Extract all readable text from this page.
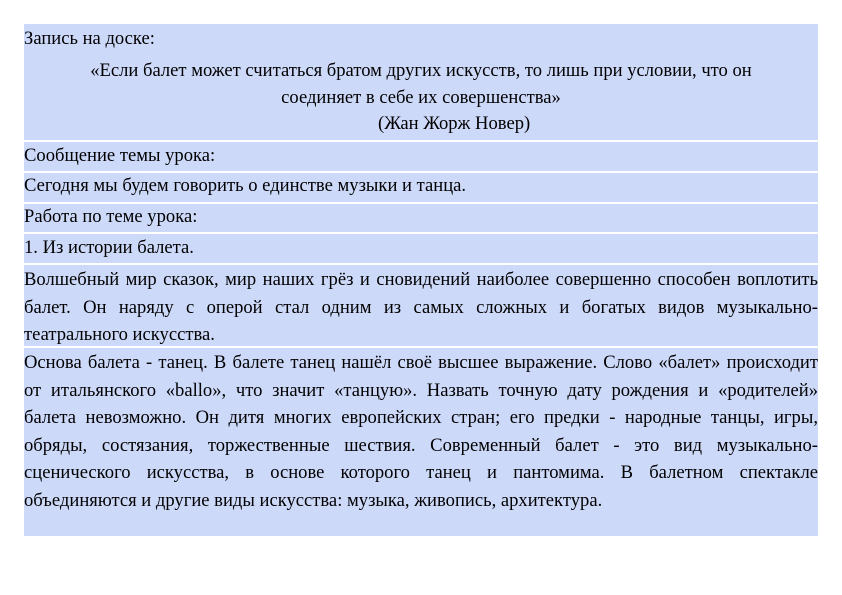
Запись на доске:
«Если балет может считаться братом других искусств, то лишь при условии, что он
соединяет в себе их совершенства»
(Жан Жорж Новер)
Сообщение темы урока:
Сегодня мы будем говорить о единстве музыки и танца.
Работа по теме урока:
1. Из истории балета.
Волшебный мир сказок, мир наших грёз и сновидений наиболее совершенно способен воплотить балет. Он наряду с оперой стал одним из самых сложных и богатых видов музыкально-театрального искусства.
Основа балета - танец. В балете танец нашёл своё высшее выражение. Слово «балет» происходит от итальянского «ballo», что значит «танцую». Назвать точную дату рождения и «родителей» балета невозможно. Он дитя многих европейских стран; его предки - народные танцы, игры, обряды, состязания, торжественные шествия. Современный балет - это вид музыкально-сценического искусства, в основе которого танец и пантомима. В балетном спектакле объединяются и другие виды искусства: музыка, живопись, архитектура.
